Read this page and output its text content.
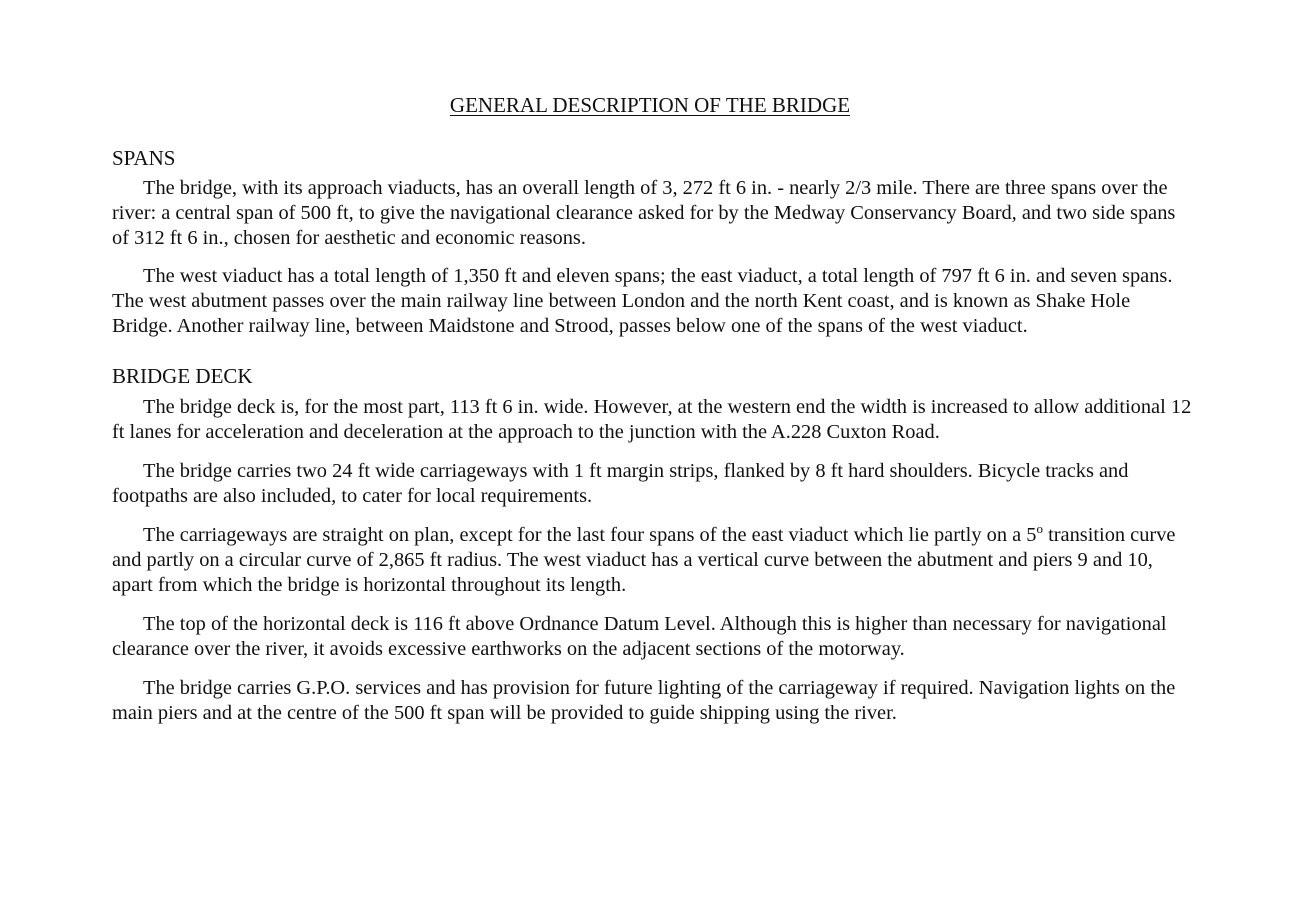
GENERAL DESCRIPTION OF THE BRIDGE

SPANS

The bridge, with its approach viaducts, has an overall length of 3, 272 ft 6 in. - nearly 2/3 mile. There are three spans over the river: a central span of 500 ft, to give the navigational clearance asked for by the Medway Conservancy Board, and two side spans of 312 ft 6 in., chosen for aesthetic and economic reasons.

The west viaduct has a total length of 1,350 ft and eleven spans; the east viaduct, a total length of 797 ft 6 in. and seven spans. The west abutment passes over the main railway line between London and the north Kent coast, and is known as Shake Hole Bridge. Another railway line, between Maidstone and Strood, passes below one of the spans of the west viaduct.

BRIDGE DECK

The bridge deck is, for the most part, 113 ft 6 in. wide. However, at the western end the width is increased to allow additional 12 ft lanes for acceleration and deceleration at the approach to the junction with the A.228 Cuxton Road.

The bridge carries two 24 ft wide carriageways with 1 ft margin strips, flanked by 8 ft hard shoulders. Bicycle tracks and footpaths are also included, to cater for local requirements.

The carriageways are straight on plan, except for the last four spans of the east viaduct which lie partly on a 5$^o$ transition curve and partly on a circular curve of 2,865 ft radius. The west viaduct has a vertical curve between the abutment and piers 9 and 10, apart from which the bridge is horizontal throughout its length.

The top of the horizontal deck is 116 ft above Ordnance Datum Level. Although this is higher than necessary for navigational clearance over the river, it avoids excessive earthworks on the adjacent sections of the motorway.

The bridge carries G.P.O. services and has provision for future lighting of the carriageway if required. Navigation lights on the main piers and at the centre of the 500 ft span will be provided to guide shipping using the river.
